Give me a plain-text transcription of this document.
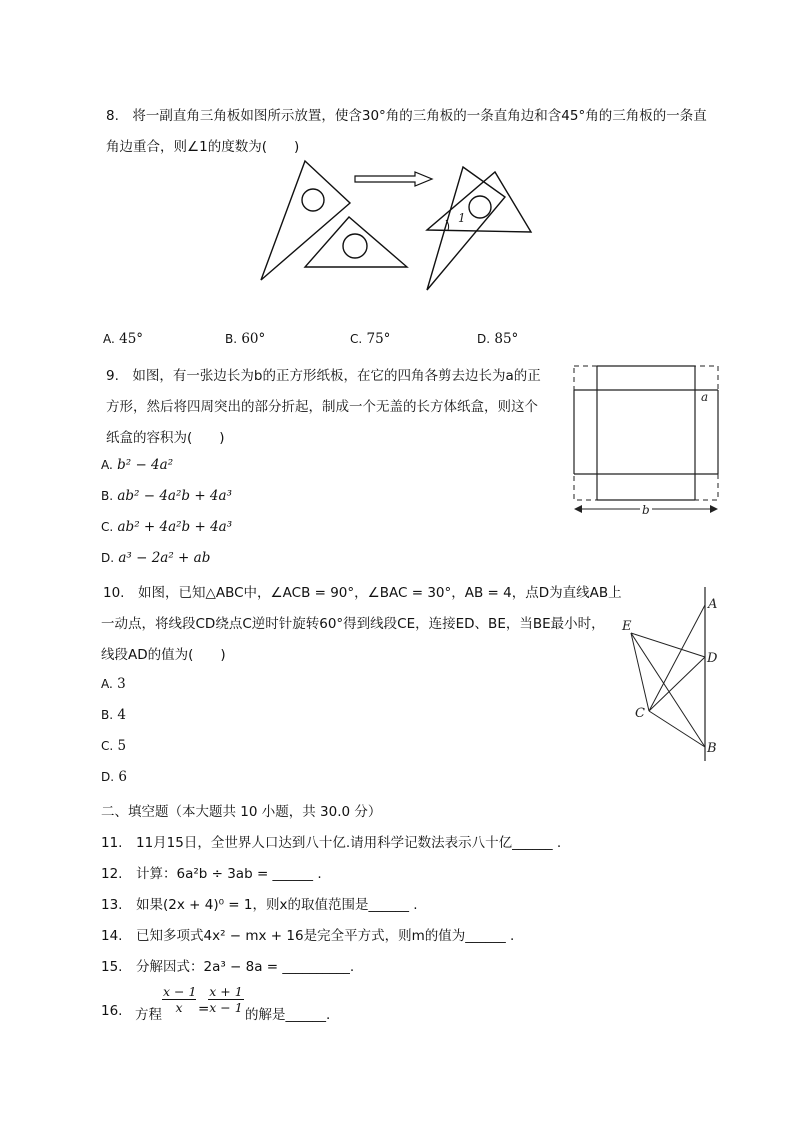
8.　将一副直角三角板如图所示放置，使含30°角的三角板的一条直角边和含45°角的三角板的一条直
角边重合，则∠1的度数为(　　)
1
A. 45°	B. 60°	C. 75°	D. 85°
9.　如图，有一张边长为b的正方形纸板，在它的四角各剪去边长为a的正
方形，然后将四周突出的部分折起，制成一个无盖的长方体纸盒，则这个
纸盒的容积为(　　)
A. b² − 4a²
B. ab² − 4a²b + 4a³
C. ab² + 4a²b + 4a³
D. a³ − 2a² + ab
a
b
10.　如图，已知△ABC中，∠ACB = 90°，∠BAC = 30°，AB = 4，点D为直线AB上
一动点，将线段CD绕点C逆时针旋转60°得到线段CE，连接ED、BE，当BE最小时，
线段AD的值为(　　)
A. 3
B. 4
C. 5
D. 6
A
D
B
E
C
二、填空题（本大题共 10 小题，共 30.0 分）
11.　 11月15日，全世界人口达到八十亿.请用科学记数法表示八十亿______ .
12.　 计算：6a²b ÷ 3ab = ______ .
13.　 如果(2x + 4)⁰ = 1，则x的取值范围是______ .
14.　 已知多项式4x² − mx + 16是完全平方式，则m的值为______ .
15.　 分解因式：2a³ − 8a = __________.
16. 方程
x − 1
x	=
x + 1
x − 1 的解是______.
